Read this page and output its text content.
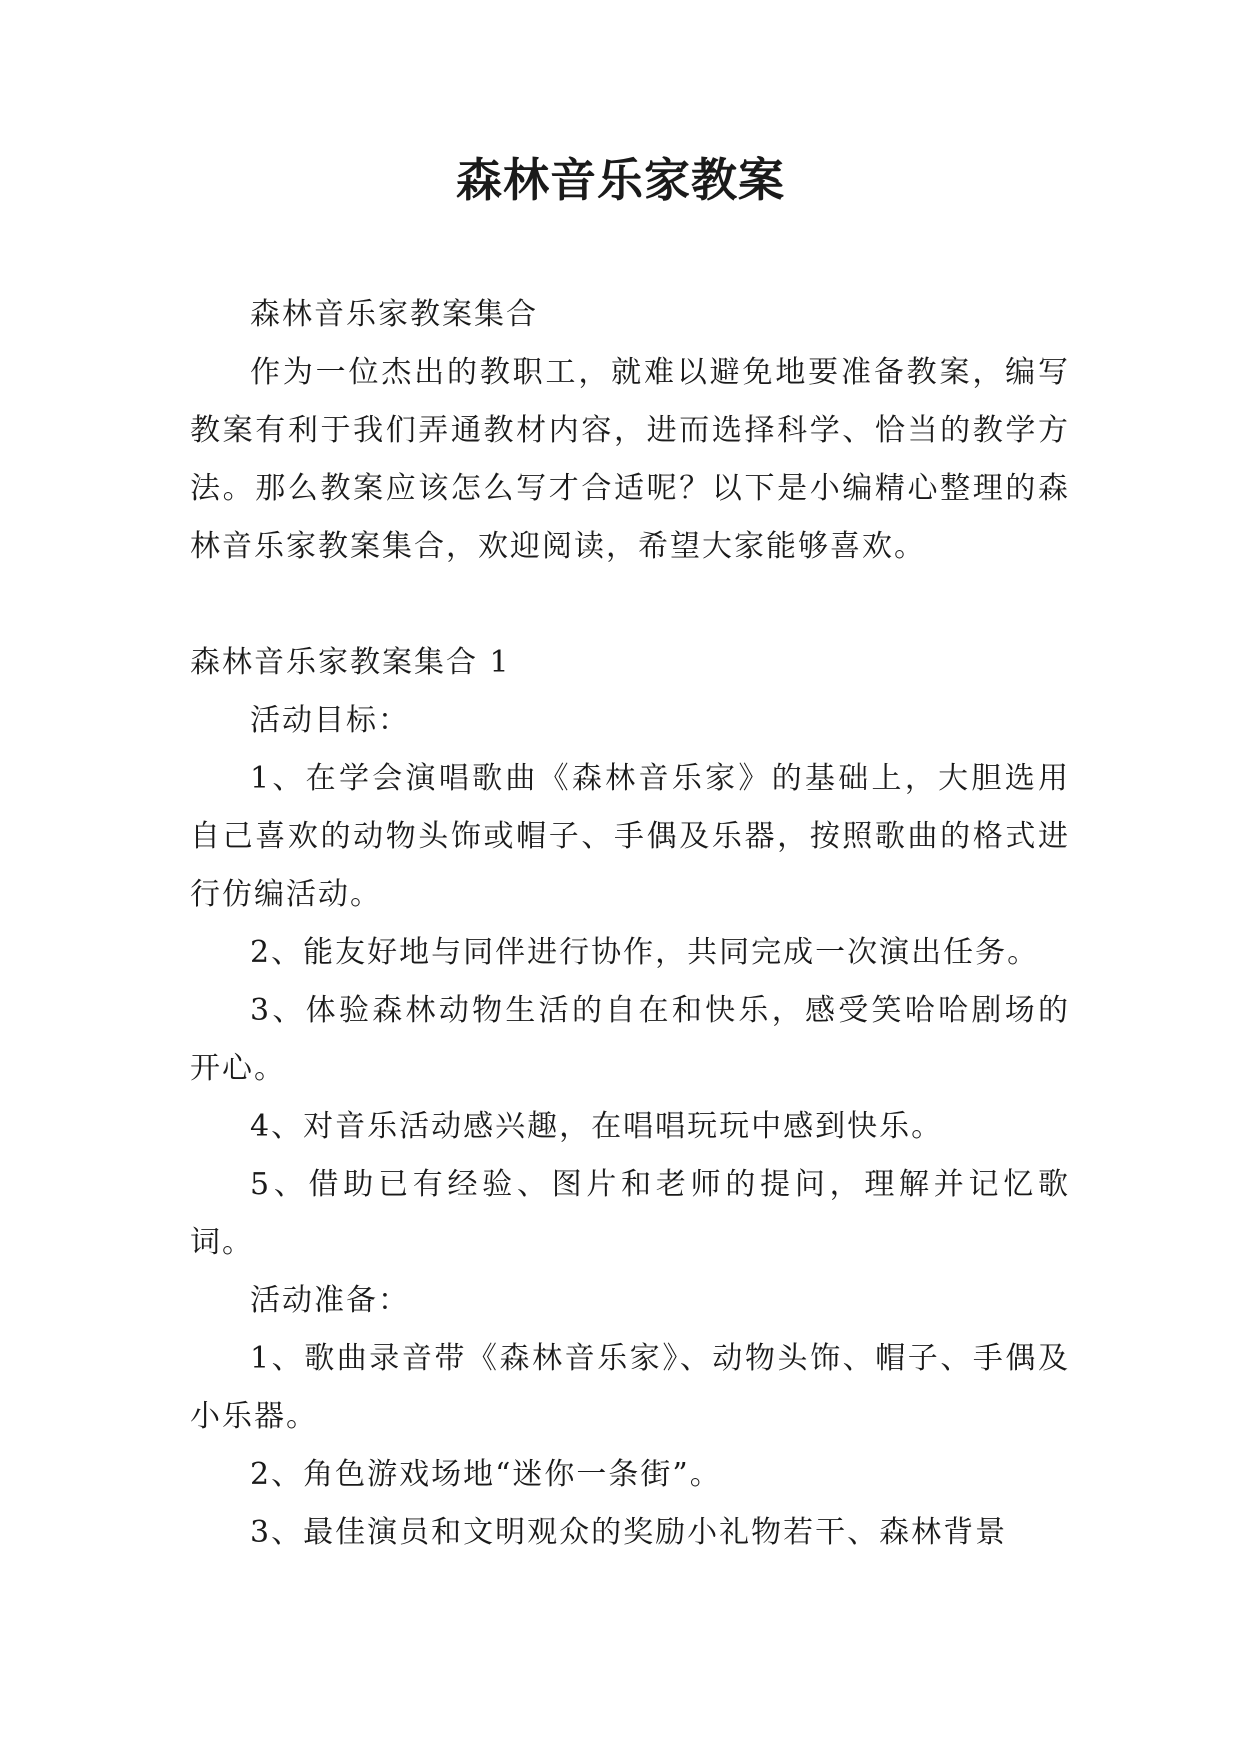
森林音乐家教案

森林音乐家教案集合

作为一位杰出的教职工，就难以避免地要准备教案，编写教案有利于我们弄通教材内容，进而选择科学、恰当的教学方法。那么教案应该怎么写才合适呢？以下是小编精心整理的森林音乐家教案集合，欢迎阅读，希望大家能够喜欢。

森林音乐家教案集合 1

活动目标：

1、在学会演唱歌曲《森林音乐家》的基础上，大胆选用自己喜欢的动物头饰或帽子、手偶及乐器，按照歌曲的格式进行仿编活动。

2、能友好地与同伴进行协作，共同完成一次演出任务。

3、体验森林动物生活的自在和快乐，感受笑哈哈剧场的开心。

4、对音乐活动感兴趣，在唱唱玩玩中感到快乐。

5、借助已有经验、图片和老师的提问，理解并记忆歌词。

活动准备：

1、歌曲录音带《森林音乐家》、动物头饰、帽子、手偶及小乐器。

2、角色游戏场地“迷你一条街”。

3、最佳演员和文明观众的奖励小礼物若干、森林背景
